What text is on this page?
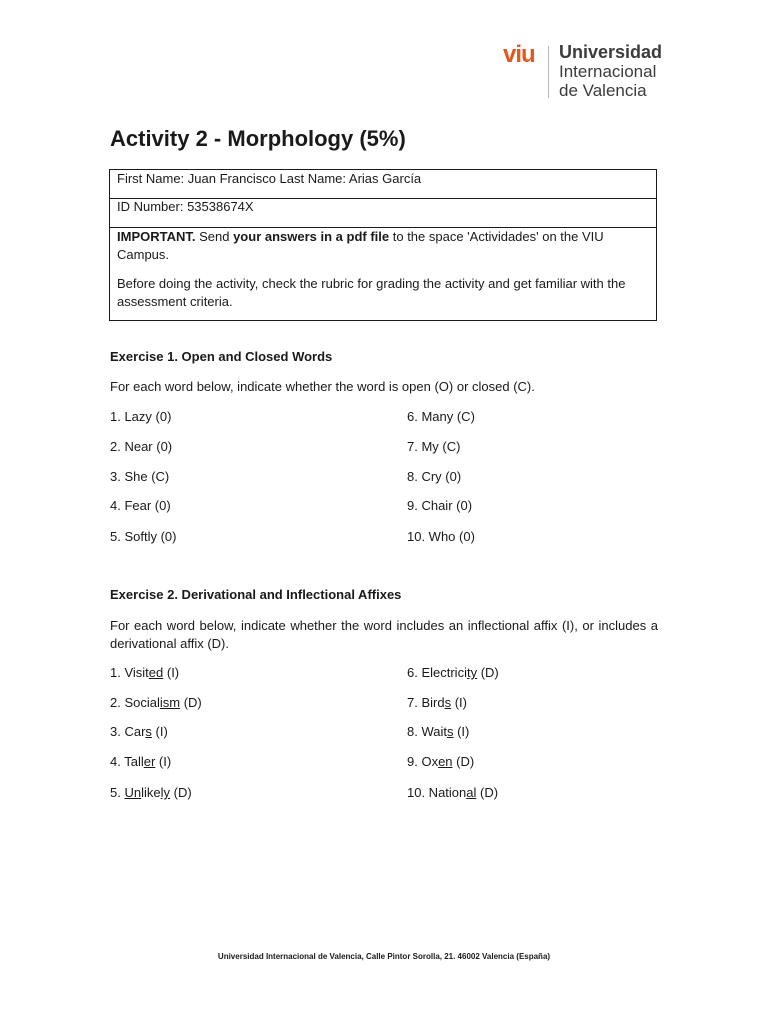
viu Universidad
Internacional
de Valencia
Activity 2 - Morphology (5%)
First Name: Juan Francisco Last Name: Arias García
ID Number: 53538674X

IMPORTANT. Send your answers in a pdf file to the space 'Actividades' on the VIU Campus.

Before doing the activity, check the rubric for grading the activity and get familiar with the assessment criteria.

Exercise 1. Open and Closed Words

For each word below, indicate whether the word is open (O) or closed (C).

1. Lazy (0)
2. Near (0)
3. She (C)
4. Fear (0)
5. Softly (0)
6. Many (C)
7. My (C)
8. Cry (0)
9. Chair (0)
10. Who (0)
Exercise 2. Derivational and Inflectional Affixes

For each word below, indicate whether the word includes an inflectional affix (I), or includes a derivational affix (D).

1. Visited (I)
2. Socialism (D)
3. Cars (I)
4. Taller (I)
5. Unlikely (D)
6. Electricity (D)
7. Birds (I)
8. Waits (I)
9. Oxen (D)
10. National (D)
Universidad Internacional de Valencia, Calle Pintor Sorolla, 21. 46002 Valencia (España)
